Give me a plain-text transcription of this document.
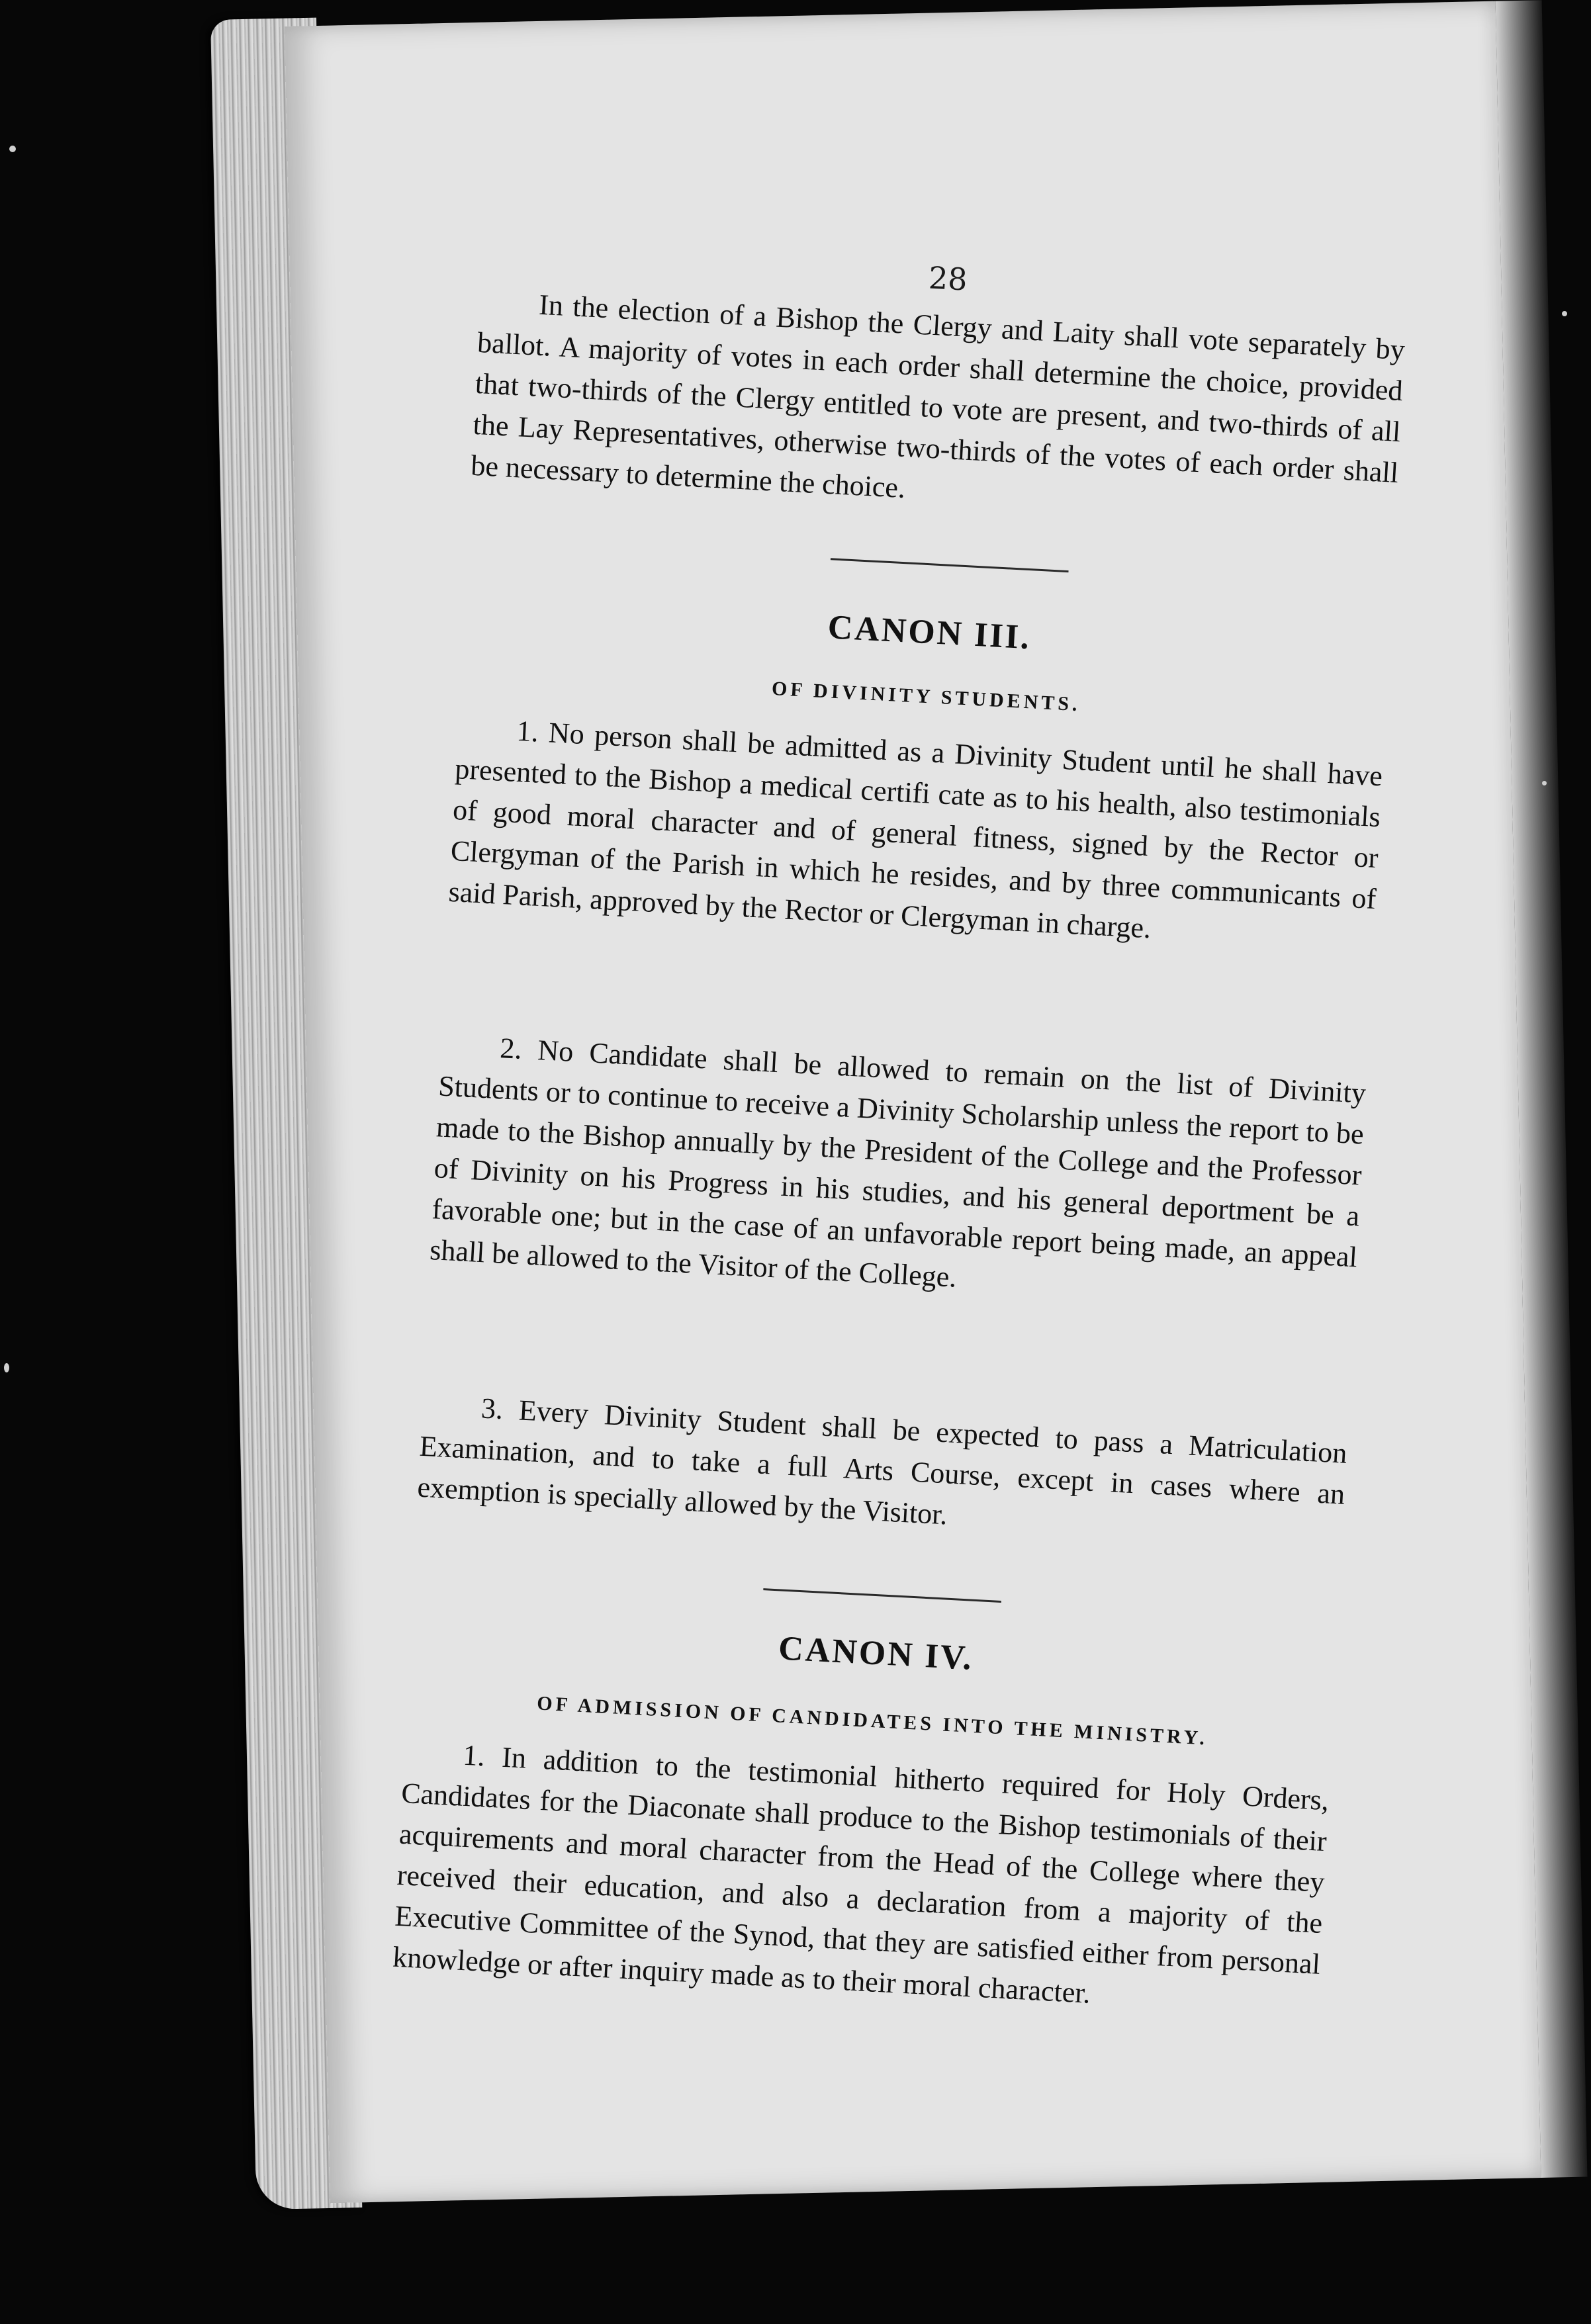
28

In the election of a Bishop the Clergy and Laity shall vote separately by ballot. A majority of votes in each order shall determine the choice, provided that two-thirds of the Clergy entitled to vote are present, and two-thirds of all the Lay Representatives, otherwise two-thirds of the votes of each order shall be necessary to determine the choice.

CANON III.
OF DIVINITY STUDENTS.

1. No person shall be admitted as a Divinity Student until he shall have presented to the Bishop a medical certifi cate as to his health, also testimonials of good moral character and of general fitness, signed by the Rector or Clergyman of the Parish in which he resides, and by three communicants of said Parish, approved by the Rector or Clergyman in charge.

2. No Candidate shall be allowed to remain on the list of Divinity Students or to continue to receive a Divinity Scholarship unless the report to be made to the Bishop annually by the President of the College and the Professor of Divinity on his Progress in his studies, and his general deportment be a favorable one; but in the case of an unfavorable report being made, an appeal shall be allowed to the Visitor of the College.

3. Every Divinity Student shall be expected to pass a Matriculation Examination, and to take a full Arts Course, except in cases where an exemption is specially allowed by the Visitor.

CANON IV.
OF ADMISSION OF CANDIDATES INTO THE MINISTRY.

1. In addition to the testimonial hitherto required for Holy Orders, Candidates for the Diaconate shall produce to the Bishop testimonials of their acquirements and moral character from the Head of the College where they received their education, and also a declaration from a majority of the Executive Committee of the Synod, that they are satisfied either from personal knowledge or after inquiry made as to their moral character.
